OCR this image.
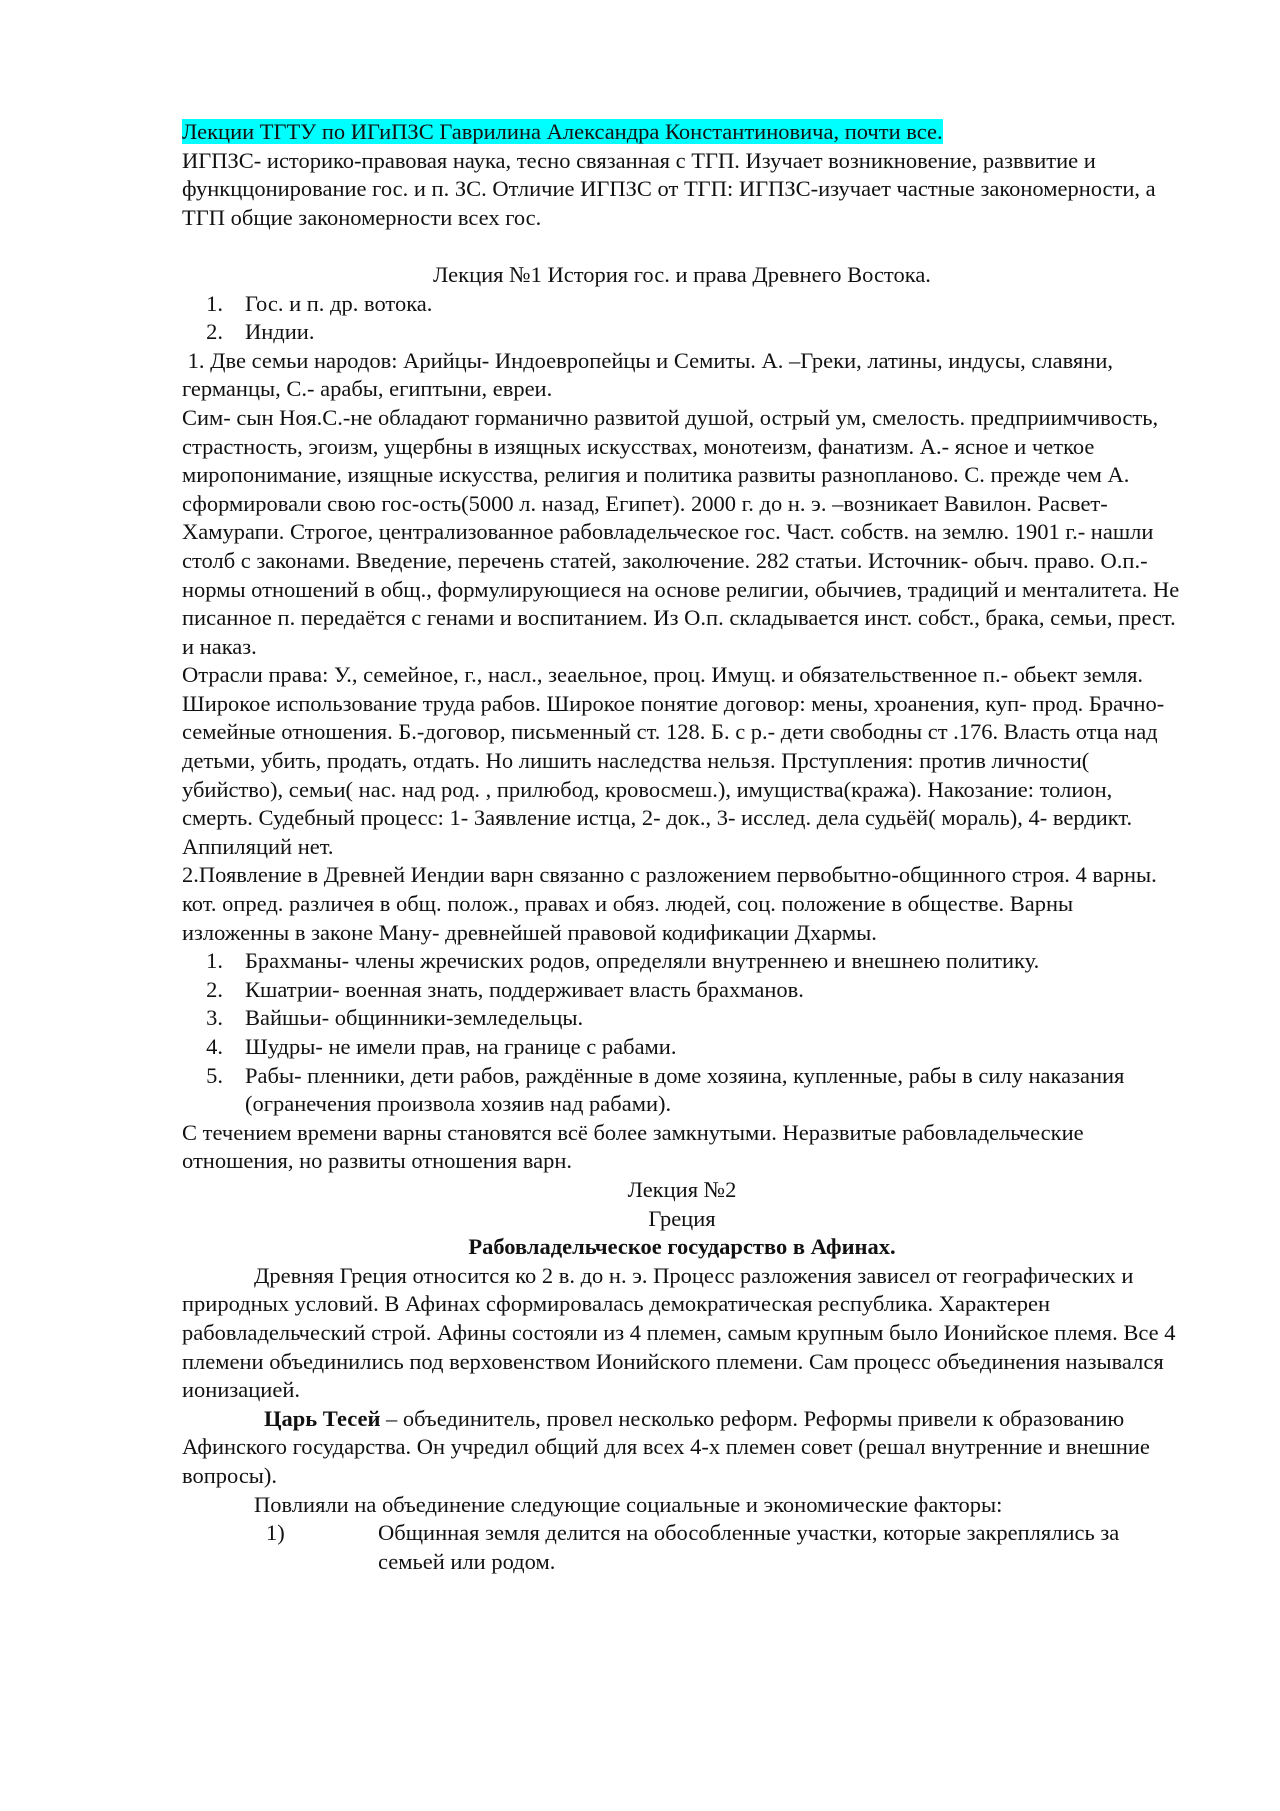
Лекции ТГТУ по ИГиПЗС Гаврилина Александра Константиновича, почти все.

ИГПЗС- историко-правовая наука, тесно связанная с ТГП. Изучает возникновение, разввитие и функццонирование гос. и п. ЗС. Отличие ИГПЗС от ТГП: ИГПЗС-изучает частные закономерности, а ТГП общие закономерности всех гос.

Лекция №1 История гос. и права Древнего Востока.

1. Гос. и п. др. вотока.
2. Индии.

1. Две семьи народов: Арийцы- Индоевропейцы и Семиты. А. –Греки, латины, индусы, славяни, германцы, С.- арабы, египтыни, евреи.

Сим- сын Ноя.С.-не обладают горманично развитой душой, острый ум, смелость. предприимчивость, страстность, эгоизм, ущербны в изящных искусствах, монотеизм, фанатизм. А.- ясное и четкое миропонимание, изящные искусства, религия и политика развиты разнопланово. С. прежде чем А. сформировали свою гос-ость(5000 л. назад, Египет). 2000 г. до н. э. –возникает Вавилон. Расвет- Хамурапи. Строгое, централизованное рабовладельческое гос. Част. собств. на землю. 1901 г.- нашли столб с законами. Введение, перечень статей, заколючение. 282 статьи. Источник- обыч. право. О.п.- нормы отношений в общ., формулирующиеся на основе религии, обычиев, традиций и менталитета. Не писанное п. передаётся с генами и воспитанием. Из О.п. складывается инст. собст., брака, семьи, прест. и наказ.

Отрасли права: У., семейное, г., насл., зеаельное, проц. Имущ. и обязательственное п.- обьект земля. Широкое использование труда рабов. Широкое понятие договор: мены, хроанения, куп- прод. Брачно-семейные отношения. Б.-договор, письменный ст. 128. Б. с р.- дети свободны ст .176. Власть отца над детьми, убить, продать, отдать. Но лишить наследства нельзя. Прступления: против личности( убийство), семьи( нас. над род. , прилюбод, кровосмеш.), имущиства(кража). Накозание: толион, смерть. Судебный процесс: 1- Заявление истца, 2- док., 3- исслед. дела судьёй( мораль), 4- вердикт. Аппиляций нет.

2.Появление в Древней Иендии варн связанно с разложением первобытно-общинного строя. 4 варны. кот. опред. различея в общ. полож., правах и обяз. людей, соц. положение в обществе. Варны изложенны в законе Ману- древнейшей правовой кодификации Дхармы.

1. Брахманы- члены жречиских родов, определяли внутреннею и внешнею политику.
2. Кшатрии- военная знать, поддерживает власть брахманов.
3. Вайшьи- общинники-земледельцы.
4. Шудры- не имели прав, на границе с рабами.
5. Рабы- пленники, дети рабов, раждённые в доме хозяина, купленные, рабы в силу наказания (огранечения произвола хозяив над рабами).

С течением времени варны становятся всё более замкнутыми. Неразвитые рабовладельческие отношения, но развиты отношения варн.

Лекция №2

Греция

Рабовладельческое государство в Афинах.

Древняя Греция относится ко 2 в. до н. э. Процесс разложения зависел от географических и природных условий. В Афинах сформировалась демократическая республика. Характерен рабовладельческий строй. Афины состояли из 4 племен, самым крупным было Ионийское племя. Все 4 племени объединились под верховенством Ионийского племени. Сам процесс объединения назывался ионизацией.

Царь Тесей – объединитель, провел несколько реформ. Реформы привели к образованию Афинского государства. Он учредил общий для всех 4-х племен совет (решал внутренние и внешние вопросы).

Повлияли на объединение следующие социальные и экономические факторы:

1)	Общинная земля делится на обособленные участки, которые закреплялись за семьей или родом.
